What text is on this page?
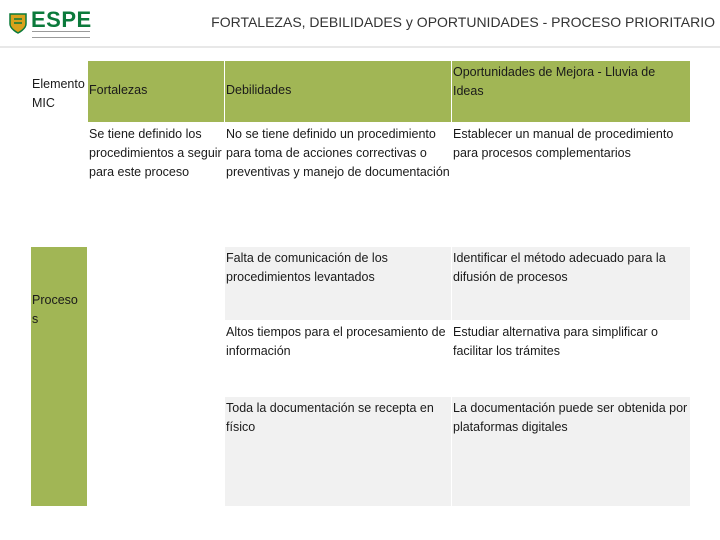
ESPE	FORTALEZAS, DEBILIDADES y OPORTUNIDADES - PROCESO PRIORITARIO
Elemento MIC	Fortalezas	Debilidades	Oportunidades de Mejora - Lluvia de Ideas
	Se tiene definido los procedimientos a seguir para este proceso	No se tiene definido un procedimiento para toma de acciones correctivas o preventivas y manejo de documentación	Establecer un manual de procedimiento para procesos complementarios

Procesos		Falta de comunicación de los procedimientos levantados	Identificar el método adecuado para la difusión de procesos
		Altos tiempos para el procesamiento de información	Estudiar alternativa para simplificar o facilitar los trámites
		Toda la documentación se recepta en físico	La documentación puede ser obtenida por plataformas digitales
